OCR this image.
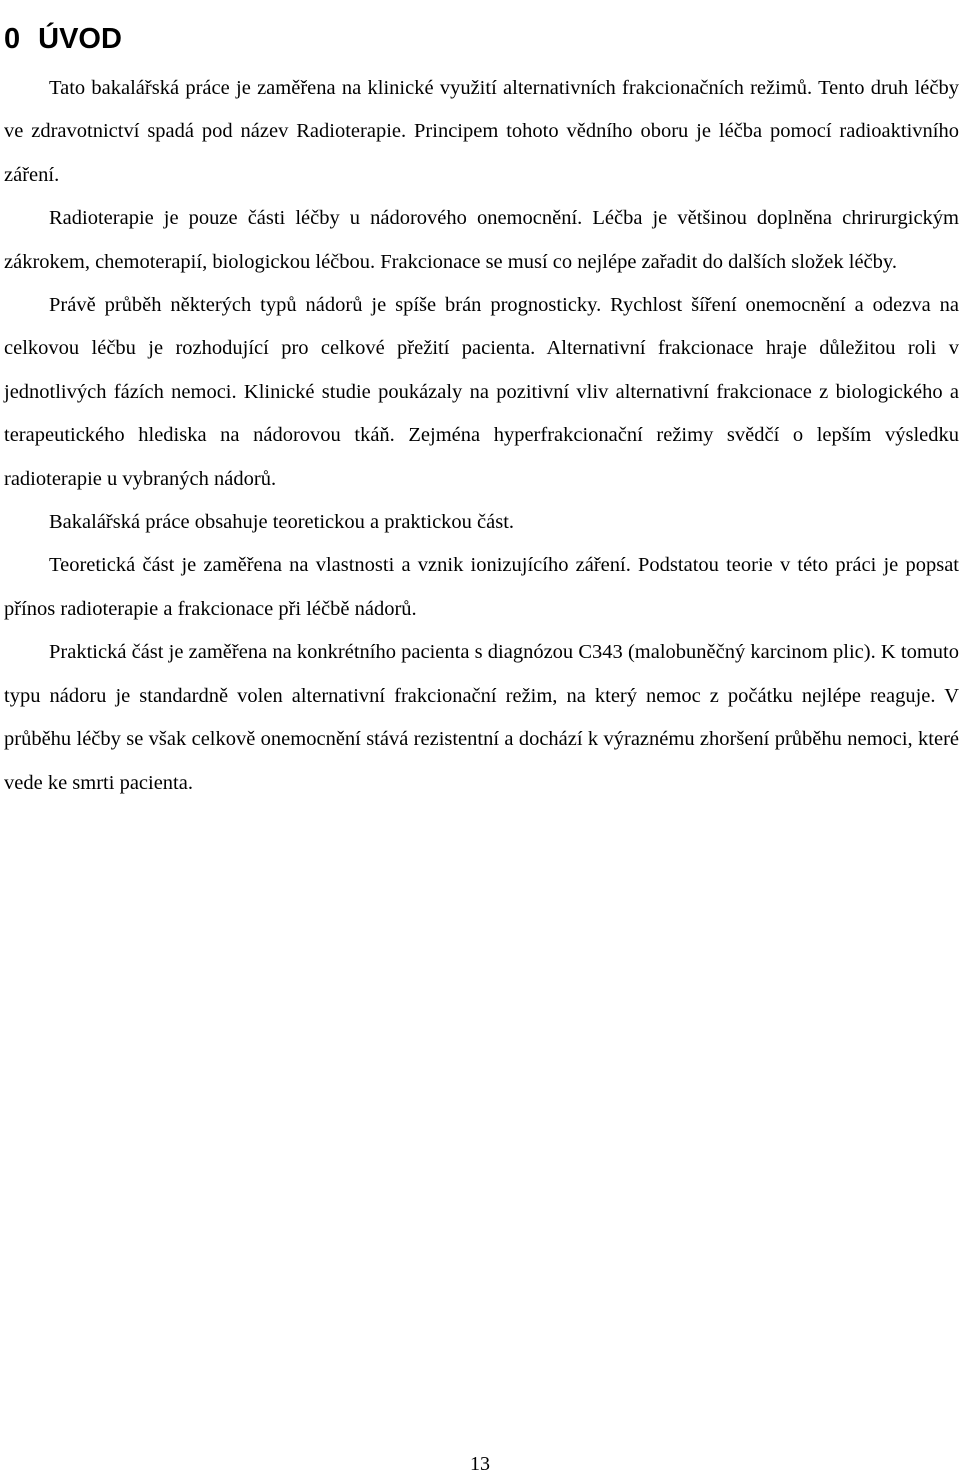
0 ÚVOD

Tato bakalářská práce je zaměřena na klinické využití alternativních frakcionačních režimů. Tento druh léčby ve zdravotnictví spadá pod název Radioterapie. Principem tohoto vědního oboru je léčba pomocí radioaktivního záření.

Radioterapie je pouze části léčby u nádorového onemocnění. Léčba je většinou doplněna chrirurgickým zákrokem, chemoterapií, biologickou léčbou. Frakcionace se musí co nejlépe zařadit do dalších složek léčby.

Právě průběh některých typů nádorů je spíše brán prognosticky. Rychlost šíření onemocnění a odezva na celkovou léčbu je rozhodující pro celkové přežití pacienta. Alternativní frakcionace hraje důležitou roli v jednotlivých fázích nemoci. Klinické studie poukázaly na pozitivní vliv alternativní frakcionace z biologického a terapeutického hlediska na nádorovou tkáň. Zejména hyperfrakcionační režimy svědčí o lepším výsledku radioterapie u vybraných nádorů.

Bakalářská práce obsahuje teoretickou a praktickou část.

Teoretická část je zaměřena na vlastnosti a vznik ionizujícího záření. Podstatou teorie v této práci je popsat přínos radioterapie a frakcionace při léčbě nádorů.

Praktická část je zaměřena na konkrétního pacienta s diagnózou C343 (malobuněčný karcinom plic). K tomuto typu nádoru je standardně volen alternativní frakcionační režim, na který nemoc z počátku nejlépe reaguje. V průběhu léčby se však celkově onemocnění stává rezistentní a dochází k výraznému zhoršení průběhu nemoci, které vede ke smrti pacienta.

13
